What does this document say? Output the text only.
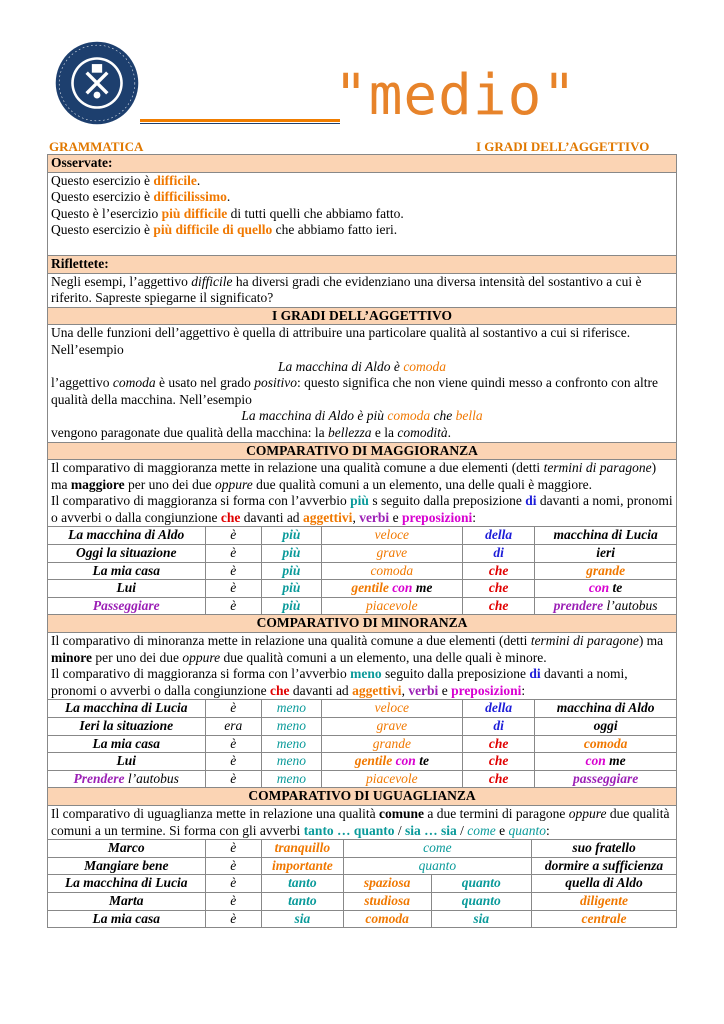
"medio"
GRAMMATICA	I GRADI DELL’AGGETTIVO
Osservate:
Questo esercizio è difficile.
Questo esercizio è difficilissimo.
Questo è l’esercizio più difficile di tutti quelli che abbiamo fatto.
Questo esercizio è più difficile di quello che abbiamo fatto ieri.
Riflettete:
Negli esempi, l’aggettivo difficile ha diversi gradi che evidenziano una diversa intensità del sostantivo a cui è riferito. Sapreste spiegarne il significato?
I GRADI DELL’AGGETTIVO
Una delle funzioni dell’aggettivo è quella di attribuire una particolare qualità al sostantivo a cui si riferisce. Nell’esempio
La macchina di Aldo è comoda
l’aggettivo comoda è usato nel grado positivo: questo significa che non viene quindi messo a confronto con altre qualità della macchina. Nell’esempio
La macchina di Aldo è più comoda che bella
vengono paragonate due qualità della macchina: la bellezza e la comodità.
COMPARATIVO DI MAGGIORANZA
Il comparativo di maggioranza mette in relazione una qualità comune a due elementi (detti termini di paragone) ma maggiore per uno dei due oppure due qualità comuni a un elemento, una delle quali è maggiore.
Il comparativo di maggioranza si forma con l’avverbio più s seguito dalla preposizione di davanti a nomi, pronomi o avverbi o dalla congiunzione che davanti ad aggettivi, verbi e preposizioni:
La macchina di Aldo	è	più	veloce	della	macchina di Lucia
Oggi la situazione	è	più	grave	di	ieri
La mia casa	è	più	comoda	che	grande
Lui	è	più	gentile con me	che	con te
Passeggiare	è	più	piacevole	che	prendere l’autobus
COMPARATIVO DI MINORANZA
Il comparativo di minoranza mette in relazione una qualità comune a due elementi (detti termini di paragone) ma minore per uno dei due oppure due qualità comuni a un elemento, una delle quali è minore.
Il comparativo di maggioranza si forma con l’avverbio meno seguito dalla preposizione di davanti a nomi, pronomi o avverbi o dalla congiunzione che davanti ad aggettivi, verbi e preposizioni:
La macchina di Lucia	è	meno	veloce	della	macchina di Aldo
Ieri la situazione	era	meno	grave	di	oggi
La mia casa	è	meno	grande	che	comoda
Lui	è	meno	gentile con te	che	con me
Prendere l’autobus	è	meno	piacevole	che	passeggiare
COMPARATIVO DI UGUAGLIANZA
Il comparativo di uguaglianza mette in relazione una qualità comune a due termini di paragone oppure due qualità comuni a un termine. Si forma con gli avverbi tanto … quanto / sia … sia / come e quanto:
Marco	è	tranquillo	come		suo fratello
Mangiare bene	è	importante	quanto		dormire a sufficienza
La macchina di Lucia	è	tanto	spaziosa	quanto	quella di Aldo
Marta	è	tanto	studiosa	quanto	diligente
La mia casa	è	sia	comoda	sia	centrale
